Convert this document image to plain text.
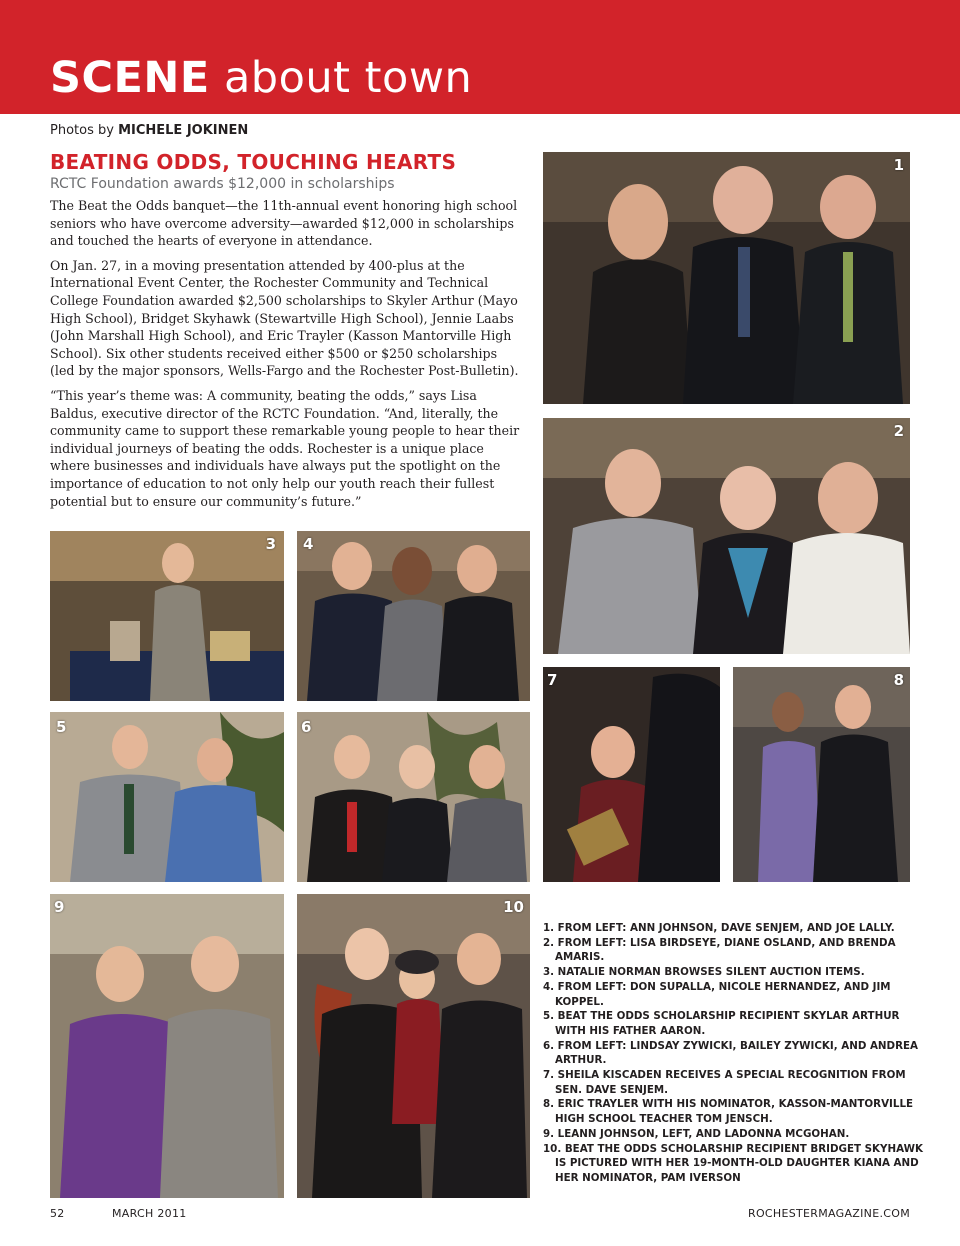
SCENE about town
Photos by MICHELE JOKINEN
BEATING ODDS, TOUCHING HEARTS
RCTC Foundation awards $12,000 in scholarships

The Beat the Odds banquet—the 11th-annual event honoring high school seniors who have overcome adversity—awarded $12,000 in scholarships and touched the hearts of everyone in attendance.

On Jan. 27, in a moving presentation attended by 400-plus at the International Event Center, the Rochester Community and Technical College Foundation awarded $2,500 scholarships to Skyler Arthur (Mayo High School), Bridget Skyhawk (Stewartville High School), Jennie Laabs (John Marshall High School), and Eric Trayler (Kasson Mantorville High School). Six other students received either $500 or $250 scholarships (led by the major sponsors, Wells-Fargo and the Rochester Post-Bulletin).

“This year’s theme was: A community, beating the odds,” says Lisa Baldus, executive director of the RCTC Foundation. “And, literally, the community came to support these remarkable young people to hear their individual journeys of beating the odds. Rochester is a unique place where businesses and individuals have always put the spotlight on the importance of education to not only help our youth reach their fullest potential but to ensure our community’s future.”

1
2
3 4
5	6
7	8
9	10
1. FROM LEFT: ANN JOHNSON, DAVE SENJEM, AND JOE LALLY.
2. FROM LEFT: LISA BIRDSEYE, DIANE OSLAND, AND BRENDA AMARIS.
3. NATALIE NORMAN BROWSES SILENT AUCTION ITEMS.
4. FROM LEFT: DON SUPALLA, NICOLE HERNANDEZ, AND JIM KOPPEL.
5. BEAT THE ODDS SCHOLARSHIP RECIPIENT SKYLAR ARTHUR WITH HIS FATHER AARON.
6. FROM LEFT: LINDSAY ZYWICKI, BAILEY ZYWICKI, AND ANDREA ARTHUR.
7. SHEILA KISCADEN RECEIVES A SPECIAL RECOGNITION FROM SEN. DAVE SENJEM.
8. ERIC TRAYLER WITH HIS NOMINATOR, KASSON-MANTORVILLE HIGH SCHOOL TEACHER TOM JENSCH.
9. LEANN JOHNSON, LEFT, AND LADONNA MCGOHAN.
10. BEAT THE ODDS SCHOLARSHIP RECIPIENT BRIDGET SKYHAWK IS PICTURED WITH HER 19-MONTH-OLD DAUGHTER KIANA AND HER NOMINATOR, PAM IVERSON
52	MARCH 2011	ROCHESTERMAGAZINE.COM
